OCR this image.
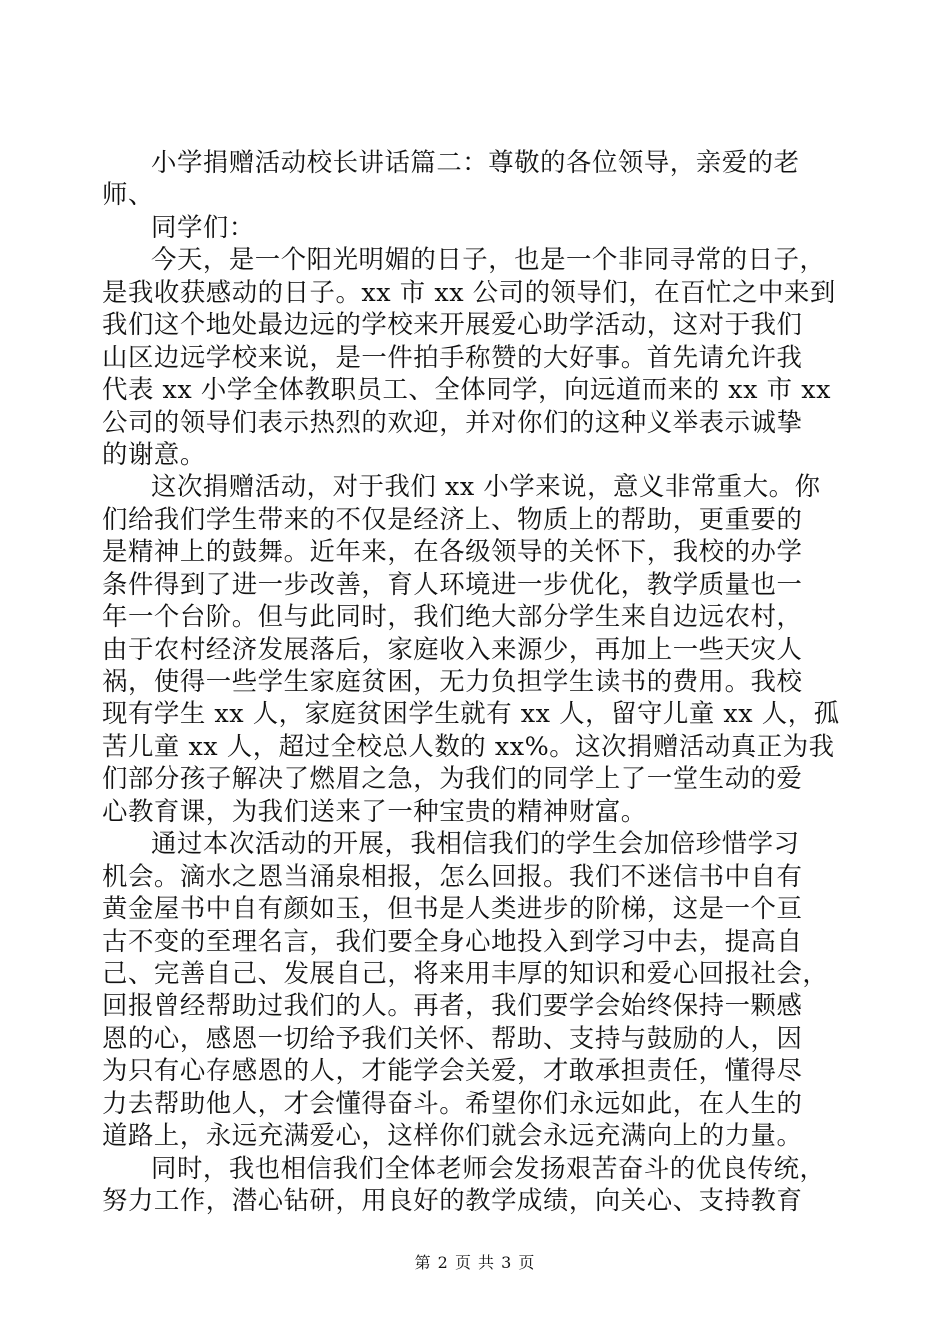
小学捐赠活动校长讲话篇二：尊敬的各位领导，亲爱的老
师、
同学们：
今天，是一个阳光明媚的日子，也是一个非同寻常的日子，
是我收获感动的日子。xx 市 xx 公司的领导们，在百忙之中来到
我们这个地处最边远的学校来开展爱心助学活动，这对于我们
山区边远学校来说，是一件拍手称赞的大好事。首先请允许我
代表 xx 小学全体教职员工、全体同学，向远道而来的 xx 市 xx
公司的领导们表示热烈的欢迎，并对你们的这种义举表示诚挚
的谢意。
这次捐赠活动，对于我们 xx 小学来说，意义非常重大。你
们给我们学生带来的不仅是经济上、物质上的帮助，更重要的
是精神上的鼓舞。近年来，在各级领导的关怀下，我校的办学
条件得到了进一步改善，育人环境进一步优化，教学质量也一
年一个台阶。但与此同时，我们绝大部分学生来自边远农村，
由于农村经济发展落后，家庭收入来源少，再加上一些天灾人
祸，使得一些学生家庭贫困，无力负担学生读书的费用。我校
现有学生 xx 人，家庭贫困学生就有 xx 人，留守儿童 xx 人，孤
苦儿童 xx 人，超过全校总人数的 xx%。这次捐赠活动真正为我
们部分孩子解决了燃眉之急，为我们的同学上了一堂生动的爱
心教育课，为我们送来了一种宝贵的精神财富。
通过本次活动的开展，我相信我们的学生会加倍珍惜学习
机会。滴水之恩当涌泉相报，怎么回报。我们不迷信书中自有
黄金屋书中自有颜如玉，但书是人类进步的阶梯，这是一个亘
古不变的至理名言，我们要全身心地投入到学习中去，提高自
己、完善自己、发展自己，将来用丰厚的知识和爱心回报社会，
回报曾经帮助过我们的人。再者，我们要学会始终保持一颗感
恩的心，感恩一切给予我们关怀、帮助、支持与鼓励的人，因
为只有心存感恩的人，才能学会关爱，才敢承担责任，懂得尽
力去帮助他人，才会懂得奋斗。希望你们永远如此，在人生的
道路上，永远充满爱心，这样你们就会永远充满向上的力量。
同时，我也相信我们全体老师会发扬艰苦奋斗的优良传统，
努力工作，潜心钻研，用良好的教学成绩，向关心、支持教育
第 2 页 共 3 页
